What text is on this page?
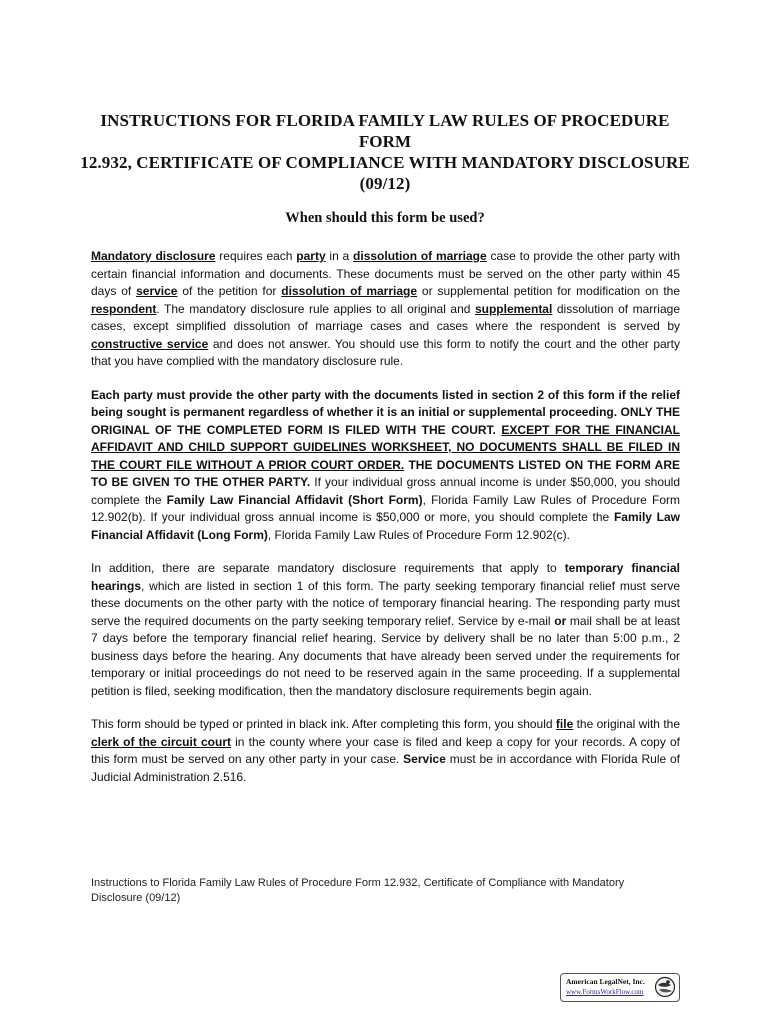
INSTRUCTIONS FOR FLORIDA FAMILY LAW RULES OF PROCEDURE FORM
12.932, CERTIFICATE OF COMPLIANCE WITH MANDATORY DISCLOSURE
(09/12)
When should this form be used?

Mandatory disclosure requires each party in a dissolution of marriage case to provide the other party with certain financial information and documents. These documents must be served on the other party within 45 days of service of the petition for dissolution of marriage or supplemental petition for modification on the respondent. The mandatory disclosure rule applies to all original and supplemental dissolution of marriage cases, except simplified dissolution of marriage cases and cases where the respondent is served by constructive service and does not answer. You should use this form to notify the court and the other party that you have complied with the mandatory disclosure rule.

Each party must provide the other party with the documents listed in section 2 of this form if the relief being sought is permanent regardless of whether it is an initial or supplemental proceeding. ONLY THE ORIGINAL OF THE COMPLETED FORM IS FILED WITH THE COURT. EXCEPT FOR THE FINANCIAL AFFIDAVIT AND CHILD SUPPORT GUIDELINES WORKSHEET, NO DOCUMENTS SHALL BE FILED IN THE COURT FILE WITHOUT A PRIOR COURT ORDER. THE DOCUMENTS LISTED ON THE FORM ARE TO BE GIVEN TO THE OTHER PARTY. If your individual gross annual income is under $50,000, you should complete the Family Law Financial Affidavit (Short Form), Florida Family Law Rules of Procedure Form 12.902(b). If your individual gross annual income is $50,000 or more, you should complete the Family Law Financial Affidavit (Long Form), Florida Family Law Rules of Procedure Form 12.902(c).

In addition, there are separate mandatory disclosure requirements that apply to temporary financial hearings, which are listed in section 1 of this form. The party seeking temporary financial relief must serve these documents on the other party with the notice of temporary financial hearing. The responding party must serve the required documents on the party seeking temporary relief. Service by e-mail or mail shall be at least 7 days before the temporary financial relief hearing. Service by delivery shall be no later than 5:00 p.m., 2 business days before the hearing. Any documents that have already been served under the requirements for temporary or initial proceedings do not need to be reserved again in the same proceeding. If a supplemental petition is filed, seeking modification, then the mandatory disclosure requirements begin again.

This form should be typed or printed in black ink. After completing this form, you should file the original with the clerk of the circuit court in the county where your case is filed and keep a copy for your records. A copy of this form must be served on any other party in your case. Service must be in accordance with Florida Rule of Judicial Administration 2.516.

Instructions to Florida Family Law Rules of Procedure Form 12.932, Certificate of Compliance with Mandatory
Disclosure (09/12)
American LegalNet, Inc.
www.FormsWorkFlow.com
